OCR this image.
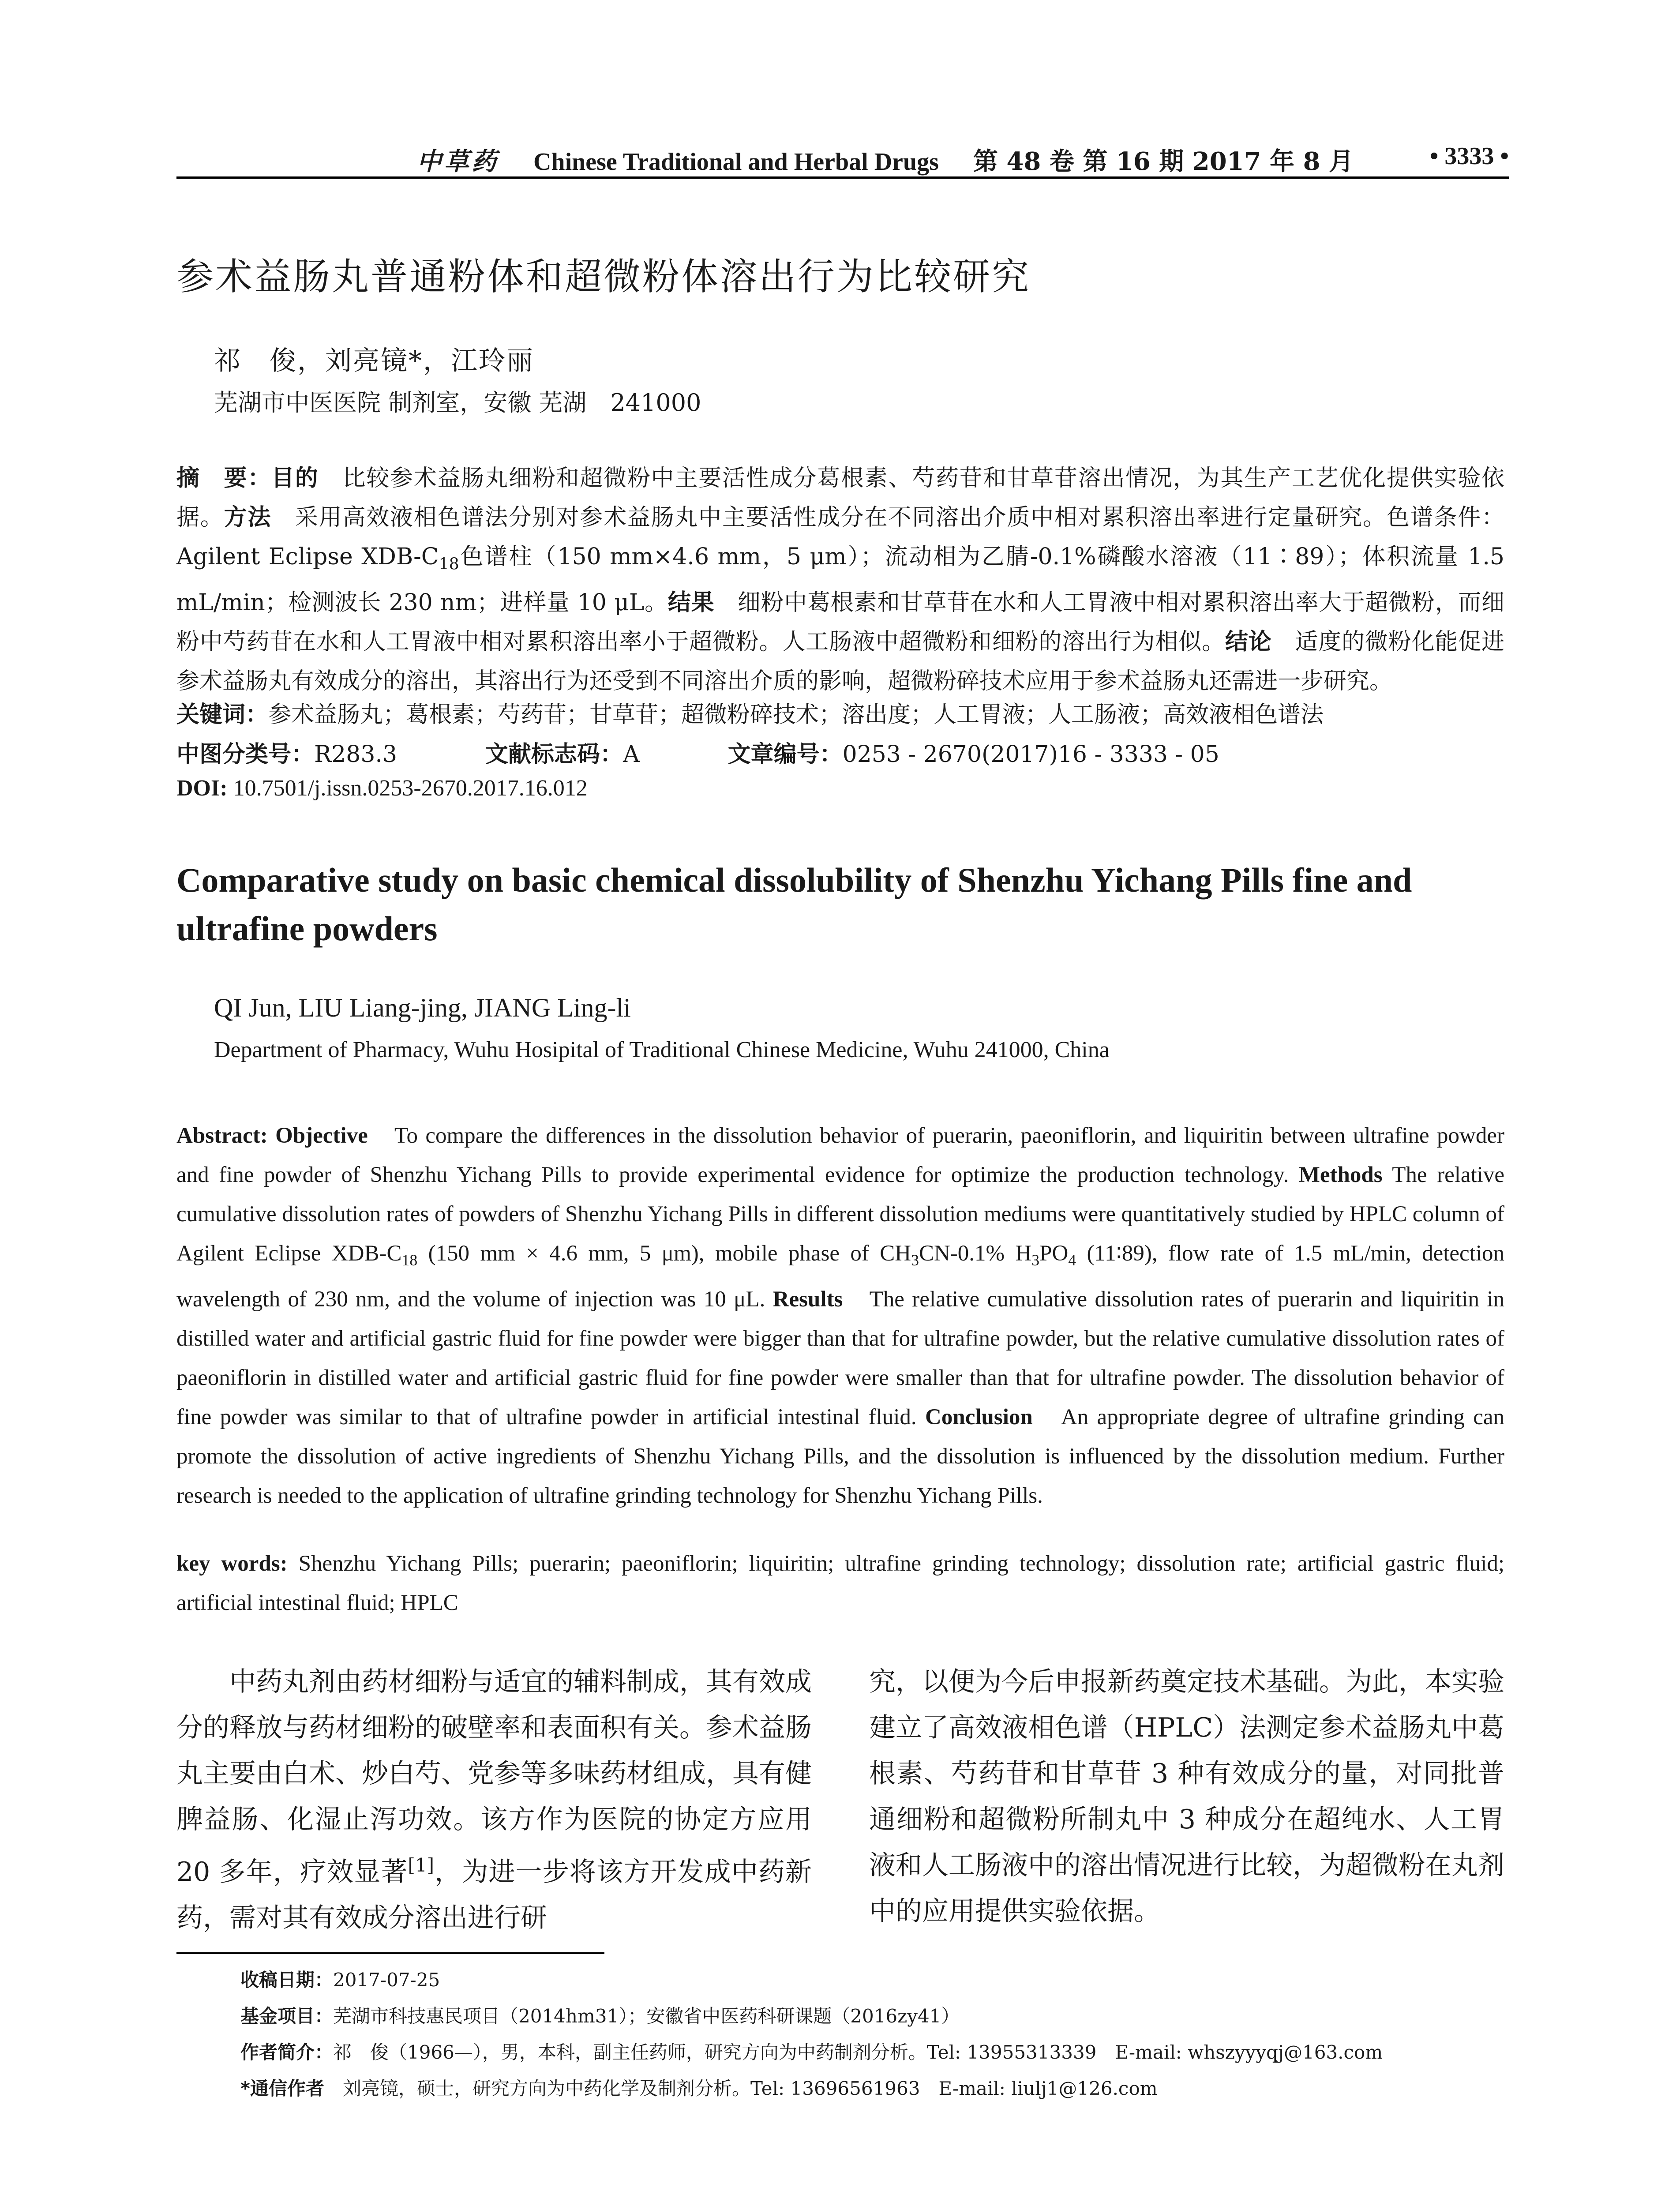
中草药 Chinese Traditional and Herbal Drugs 第 48 卷 第 16 期 2017 年 8 月	• 3333 •
参术益肠丸普通粉体和超微粉体溶出行为比较研究
祁　俊，刘亮镜*，江玲丽
芜湖市中医医院 制剂室，安徽 芜湖　241000
摘　要：目的　比较参术益肠丸细粉和超微粉中主要活性成分葛根素、芍药苷和甘草苷溶出情况，为其生产工艺优化提供实验依据。方法　采用高效液相色谱法分别对参术益肠丸中主要活性成分在不同溶出介质中相对累积溶出率进行定量研究。色谱条件：Agilent Eclipse XDB-$C_{18}$色谱柱（150 mm×4.6 mm，5 μm）；流动相为乙腈-0.1%磷酸水溶液（11∶89）；体积流量 1.5 mL/min；检测波长 230 nm；进样量 10 μL。结果　细粉中葛根素和甘草苷在水和人工胃液中相对累积溶出率大于超微粉，而细粉中芍药苷在水和人工胃液中相对累积溶出率小于超微粉。人工肠液中超微粉和细粉的溶出行为相似。结论　适度的微粉化能促进参术益肠丸有效成分的溶出，其溶出行为还受到不同溶出介质的影响，超微粉碎技术应用于参术益肠丸还需进一步研究。
关键词：参术益肠丸；葛根素；芍药苷；甘草苷；超微粉碎技术；溶出度；人工胃液；人工肠液；高效液相色谱法
中图分类号：R283.3	文献标志码：A	文章编号：0253 - 2670(2017)16 - 3333 - 05
DOI: 10.7501/j.issn.0253-2670.2017.16.012
Comparative study on basic chemical dissolubility of Shenzhu Yichang Pills fine and ultrafine powders
QI Jun, LIU Liang-jing, JIANG Ling-li
Department of Pharmacy, Wuhu Hosipital of Traditional Chinese Medicine, Wuhu 241000, China
Abstract: Objective　To compare the differences in the dissolution behavior of puerarin, paeoniflorin, and liquiritin between ultrafine powder and fine powder of Shenzhu Yichang Pills to provide experimental evidence for optimize the production technology. Methods The relative cumulative dissolution rates of powders of Shenzhu Yichang Pills in different dissolution mediums were quantitatively studied by HPLC column of Agilent Eclipse XDB-$C_{18}$ (150 mm × 4.6 mm, 5 μm), mobile phase of $CH_3CN-0.1\%$ $H_3PO_4$ (11∶89), flow rate of 1.5 mL/min, detection wavelength of 230 nm, and the volume of injection was 10 μL. Results　The relative cumulative dissolution rates of puerarin and liquiritin in distilled water and artificial gastric fluid for fine powder were bigger than that for ultrafine powder, but the relative cumulative dissolution rates of paeoniflorin in distilled water and artificial gastric fluid for fine powder were smaller than that for ultrafine powder. The dissolution behavior of fine powder was similar to that of ultrafine powder in artificial intestinal fluid. Conclusion　An appropriate degree of ultrafine grinding can promote the dissolution of active ingredients of Shenzhu Yichang Pills, and the dissolution is influenced by the dissolution medium. Further research is needed to the application of ultrafine grinding technology for Shenzhu Yichang Pills.
key words: Shenzhu Yichang Pills; puerarin; paeoniflorin; liquiritin; ultrafine grinding technology; dissolution rate; artificial gastric fluid; artificial intestinal fluid; HPLC
中药丸剂由药材细粉与适宜的辅料制成，其有效成分的释放与药材细粉的破壁率和表面积有关。参术益肠丸主要由白术、炒白芍、党参等多味药材组成，具有健脾益肠、化湿止泻功效。该方作为医院的协定方应用 20 多年，疗效显著[1]，为进一步将该方开发成中药新药，需对其有效成分溶出进行研
究，以便为今后申报新药奠定技术基础。为此，本实验建立了高效液相色谱（HPLC）法测定参术益肠丸中葛根素、芍药苷和甘草苷 3 种有效成分的量，对同批普通细粉和超微粉所制丸中 3 种成分在超纯水、人工胃液和人工肠液中的溶出情况进行比较，为超微粉在丸剂中的应用提供实验依据。
收稿日期：2017-07-25
基金项目：芜湖市科技惠民项目（2014hm31）；安徽省中医药科研课题（2016zy41）
作者简介：祁　俊（1966—），男，本科，副主任药师，研究方向为中药制剂分析。Tel: 13955313339　E-mail: whszyyyqj@163.com
*通信作者　刘亮镜，硕士，研究方向为中药化学及制剂分析。Tel: 13696561963　E-mail: liulj1@126.com
